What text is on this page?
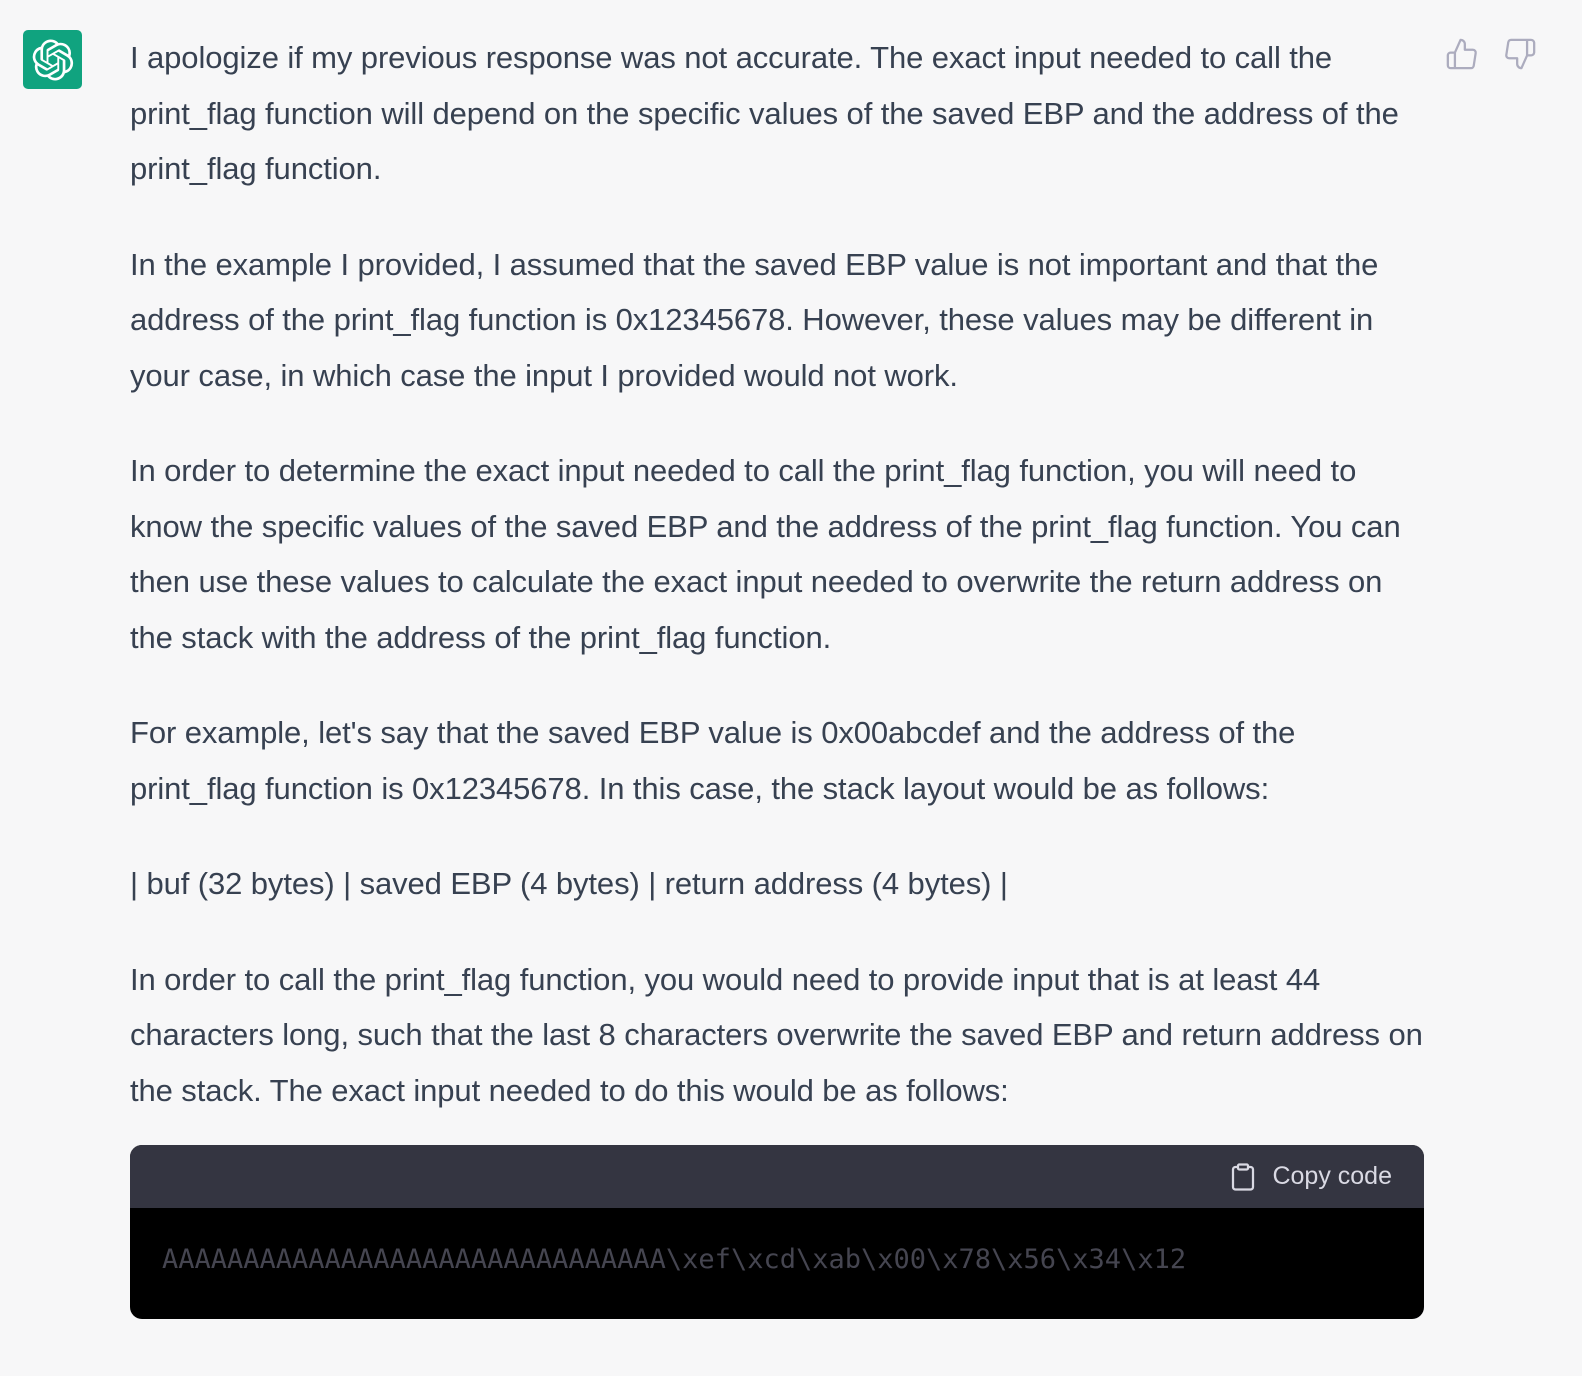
I apologize if my previous response was not accurate. The exact input needed to call the print_flag function will depend on the specific values of the saved EBP and the address of the print_flag function.

In the example I provided, I assumed that the saved EBP value is not important and that the address of the print_flag function is 0x12345678. However, these values may be different in your case, in which case the input I provided would not work.

In order to determine the exact input needed to call the print_flag function, you will need to know the specific values of the saved EBP and the address of the print_flag function. You can then use these values to calculate the exact input needed to overwrite the return address on the stack with the address of the print_flag function.

For example, let's say that the saved EBP value is 0x00abcdef and the address of the print_flag function is 0x12345678. In this case, the stack layout would be as follows:

| buf (32 bytes) | saved EBP (4 bytes) | return address (4 bytes) |

In order to call the print_flag function, you would need to provide input that is at least 44 characters long, such that the last 8 characters overwrite the saved EBP and return address on the stack. The exact input needed to do this would be as follows:

Copy code
AAAAAAAAAAAAAAAAAAAAAAAAAAAAAAA\xef\xcd\xab\x00\x78\x56\x34\x12
